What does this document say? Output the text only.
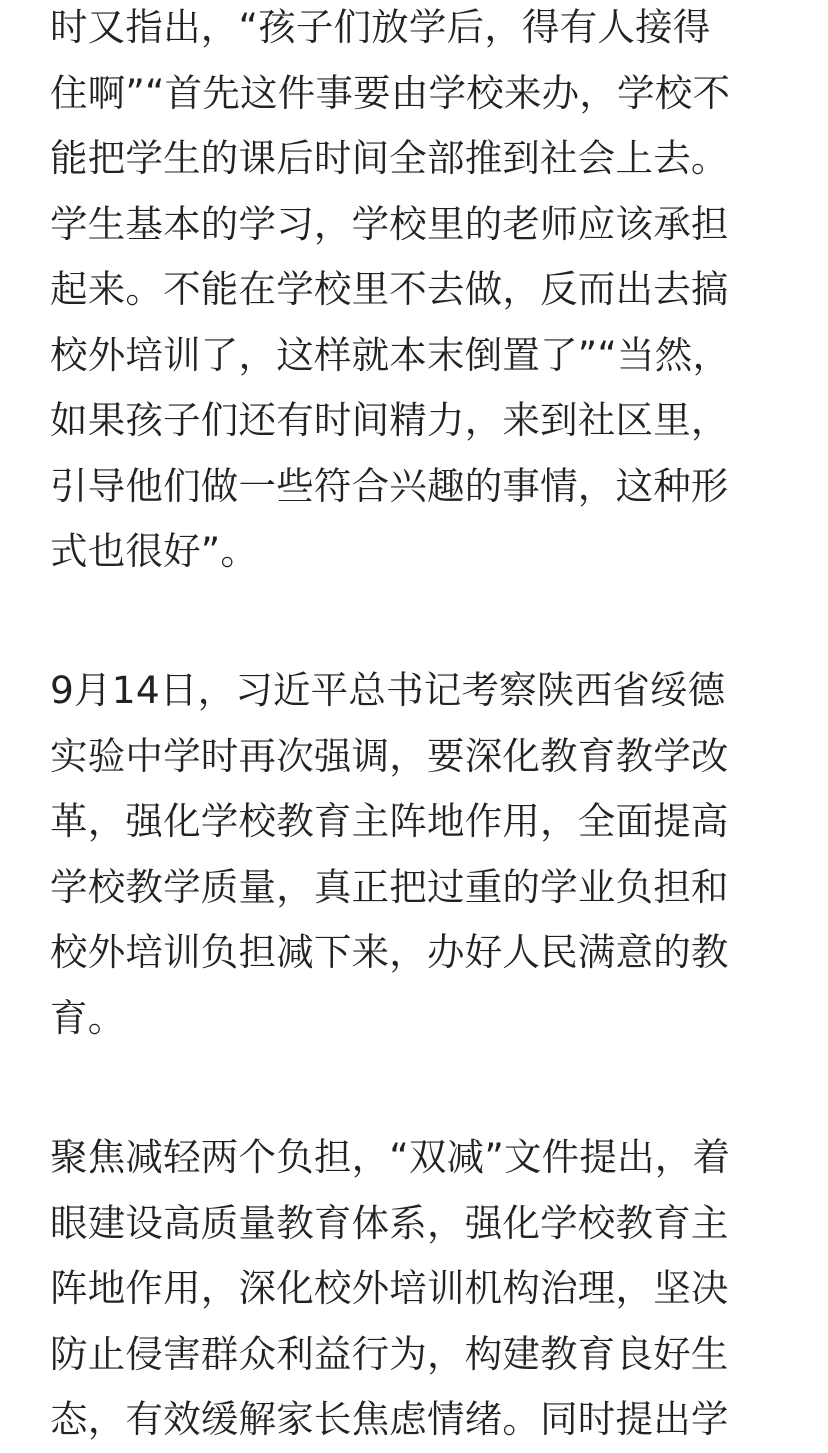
时又指出，“孩子们放学后，得有人接得
住啊”“首先这件事要由学校来办，学校不
能把学生的课后时间全部推到社会上去。
学生基本的学习，学校里的老师应该承担
起来。不能在学校里不去做，反而出去搞
校外培训了，这样就本末倒置了”“当然，
如果孩子们还有时间精力，来到社区里，
引导他们做一些符合兴趣的事情，这种形
式也很好”。
9月14日，习近平总书记考察陕西省绥德
实验中学时再次强调，要深化教育教学改
革，强化学校教育主阵地作用，全面提高
学校教学质量，真正把过重的学业负担和
校外培训负担减下来，办好人民满意的教
育。
聚焦减轻两个负担，“双减”文件提出，着
眼建设高质量教育体系，强化学校教育主
阵地作用，深化校外培训机构治理，坚决
防止侵害群众利益行为，构建教育良好生
态，有效缓解家长焦虑情绪。同时提出学
